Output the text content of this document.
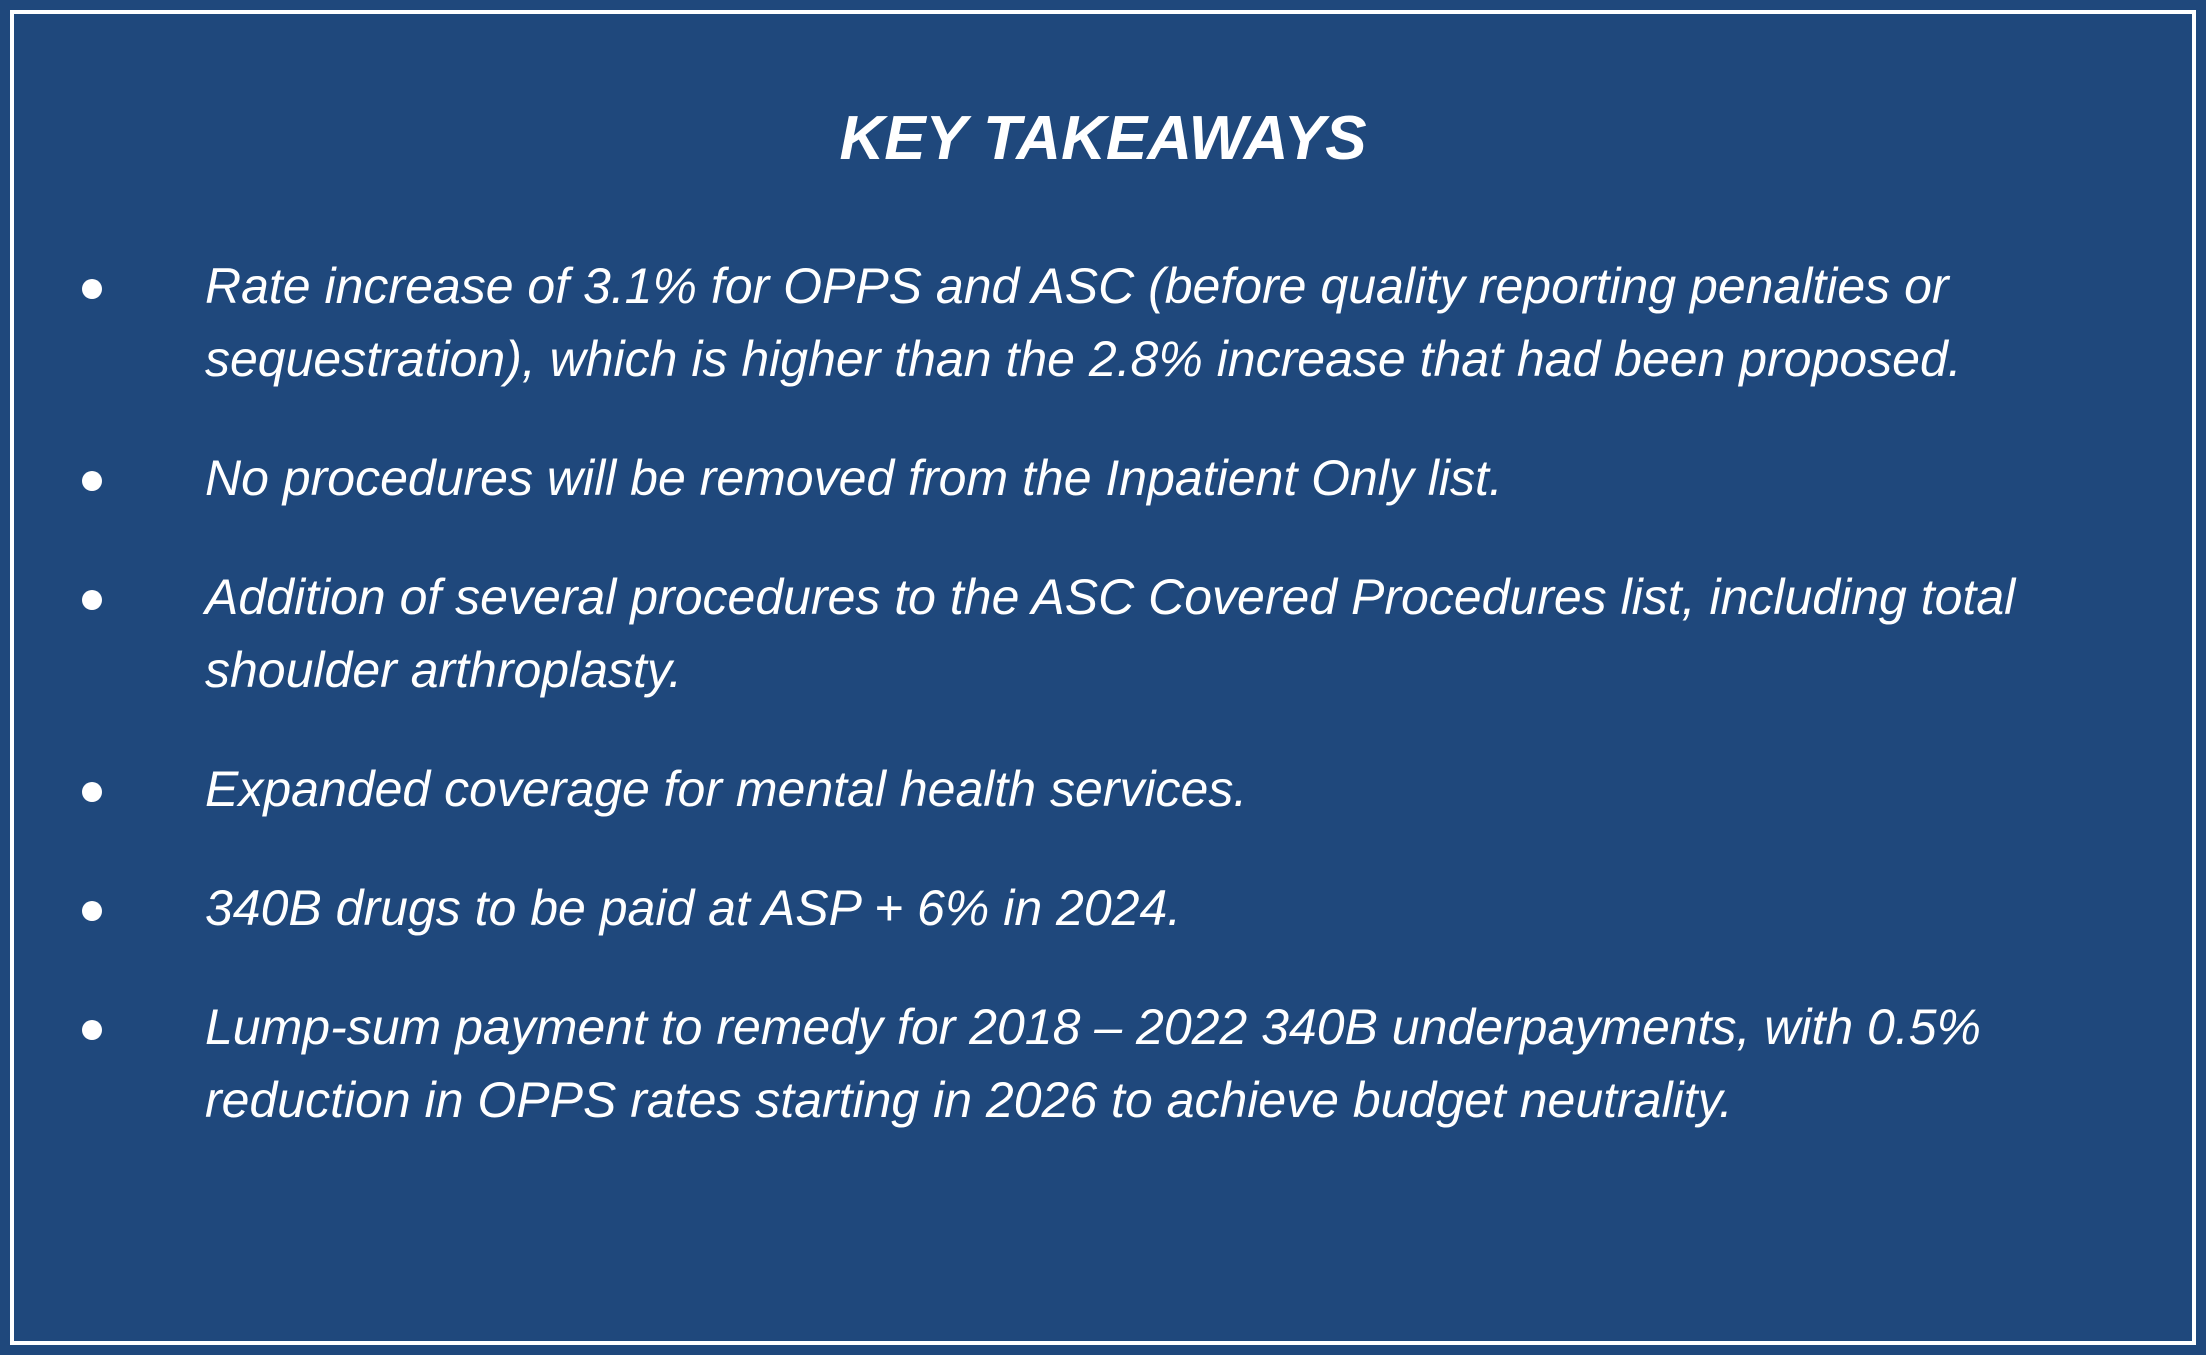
KEY TAKEAWAYS
Rate increase of 3.1% for OPPS and ASC (before quality reporting penalties or sequestration), which is higher than the 2.8% increase that had been proposed.
No procedures will be removed from the Inpatient Only list.
Addition of several procedures to the ASC Covered Procedures list, including total shoulder arthroplasty.
Expanded coverage for mental health services.
340B drugs to be paid at ASP + 6% in 2024.
Lump-sum payment to remedy for 2018 – 2022 340B underpayments, with 0.5% reduction in OPPS rates starting in 2026 to achieve budget neutrality.
